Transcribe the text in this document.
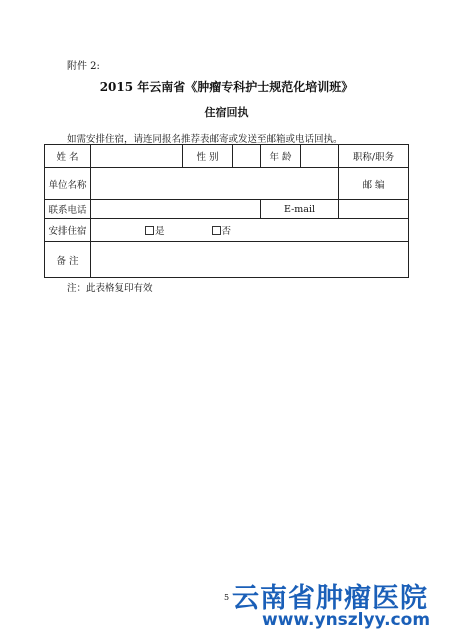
附件 2:
2015 年云南省《肿瘤专科护士规范化培训班》
住宿回执
如需安排住宿，请连同报名推荐表邮寄或发送至邮箱或电话回执。
姓 名		性 别		年 龄		职称/职务
单位名称						邮 编
联系电话				E-mail		
安排住宿	是 否					
备 注						
注：此表格复印有效
5 云南省肿瘤医院
www.ynszlyy.com
